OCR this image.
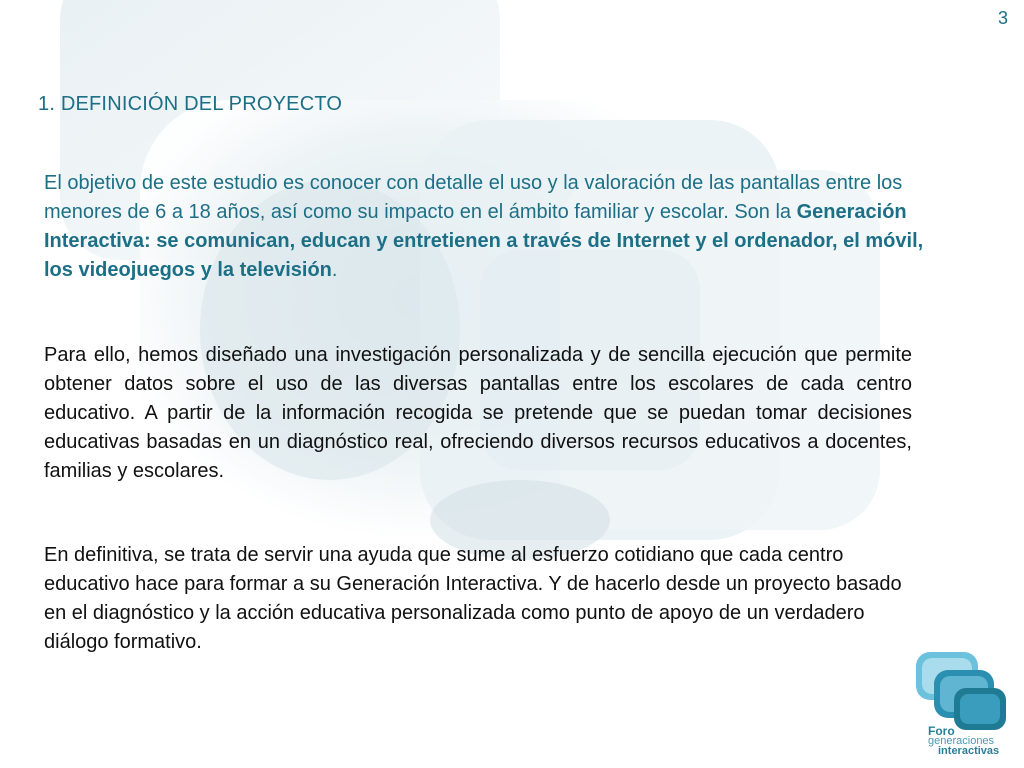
3
1. DEFINICIÓN DEL PROYECTO
El objetivo de este estudio es conocer con detalle el uso y la valoración de las pantallas entre los menores de 6 a 18 años, así como su impacto en el ámbito familiar y escolar. Son la Generación Interactiva: se comunican, educan y entretienen a través de Internet y el ordenador, el móvil, los videojuegos y la televisión.
Para ello, hemos diseñado una investigación personalizada y de sencilla ejecución que permite obtener datos sobre el uso de las diversas pantallas entre los escolares de cada centro educativo. A partir de la información recogida se pretende que se puedan tomar decisiones educativas basadas en un diagnóstico real, ofreciendo diversos recursos educativos a docentes, familias y escolares.
En definitiva, se trata de servir una ayuda que sume al esfuerzo cotidiano que cada centro educativo hace para formar a su Generación Interactiva. Y de hacerlo desde un proyecto basado en el diagnóstico y la acción educativa personalizada como punto de apoyo de un verdadero diálogo formativo.
Foro
generaciones
interactivas
